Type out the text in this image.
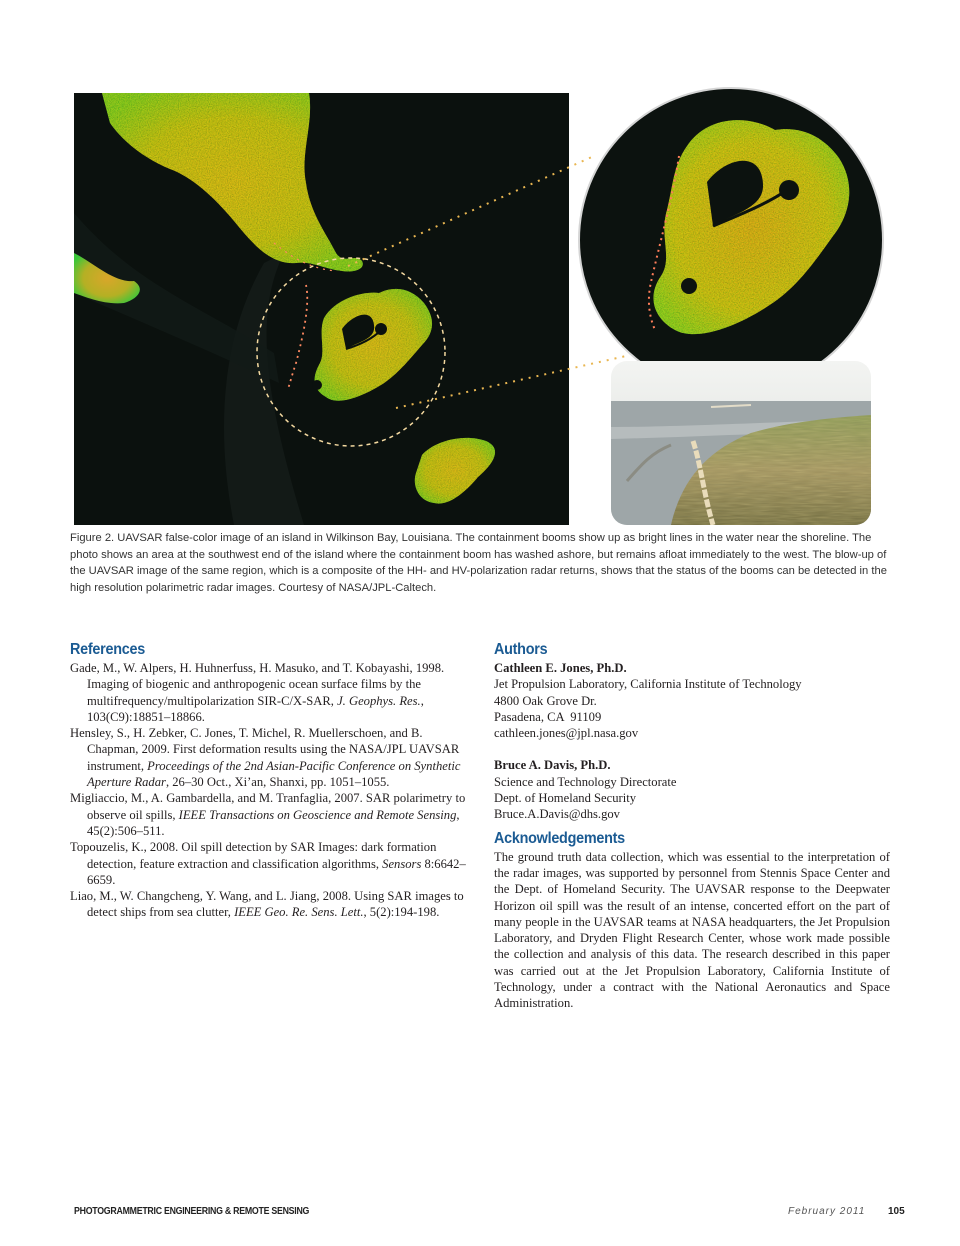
Figure 2. UAVSAR false-color image of an island in Wilkinson Bay, Louisiana. The containment booms show up as bright lines in the water near the shoreline. The photo shows an area at the southwest end of the island where the containment boom has washed ashore, but remains afloat immediately to the west. The blow-up of the UAVSAR image of the same region, which is a composite of the HH- and HV-polarization radar returns, shows that the status of the booms can be detected in the high resolution polarimetric radar images. Courtesy of NASA/JPL-Caltech.

References
Gade, M., W. Alpers, H. Huhnerfuss, H. Masuko, and T. Kobayashi, 1998. Imaging of biogenic and anthropogenic ocean surface films by the multifrequency/multipolarization SIR-C/X-SAR, J. Geophys. Res., 103(C9):18851–18866.
Hensley, S., H. Zebker, C. Jones, T. Michel, R. Muellerschoen, and B. Chapman, 2009. First deformation results using the NASA/JPL UAVSAR instrument, Proceedings of the 2nd Asian-Pacific Conference on Synthetic Aperture Radar, 26–30 Oct., Xi’an, Shanxi, pp. 1051–1055.
Migliaccio, M., A. Gambardella, and M. Tranfaglia, 2007. SAR polarimetry to observe oil spills, IEEE Transactions on Geoscience and Remote Sensing, 45(2):506–511.
Topouzelis, K., 2008. Oil spill detection by SAR Images: dark formation detection, feature extraction and classification algorithms, Sensors 8:6642–6659.
Liao, M., W. Changcheng, Y. Wang, and L. Jiang, 2008. Using SAR images to detect ships from sea clutter, IEEE Geo. Re. Sens. Lett., 5(2):194-198.
Authors
Cathleen E. Jones, Ph.D.
Jet Propulsion Laboratory, California Institute of Technology
4800 Oak Grove Dr.
Pasadena, CA  91109
cathleen.jones@jpl.nasa.gov
Bruce A. Davis, Ph.D.
Science and Technology Directorate
Dept. of Homeland Security
Bruce.A.Davis@dhs.gov
Acknowledgements

The ground truth data collection, which was essential to the interpretation of the radar images, was supported by personnel from Stennis Space Center and the Dept. of Homeland Security. The UAVSAR response to the Deepwater Horizon oil spill was the result of an intense, concerted effort on the part of many people in the UAVSAR teams at NASA headquarters, the Jet Propulsion Laboratory, and Dryden Flight Research Center, whose work made possible the collection and analysis of this data. The research described in this paper was carried out at the Jet Propulsion Laboratory, California Institute of Technology, under a contract with the National Aeronautics and Space Administration.

PHOTOGRAMMETRIC ENGINEERING & REMOTE SENSING	February 2011 105
